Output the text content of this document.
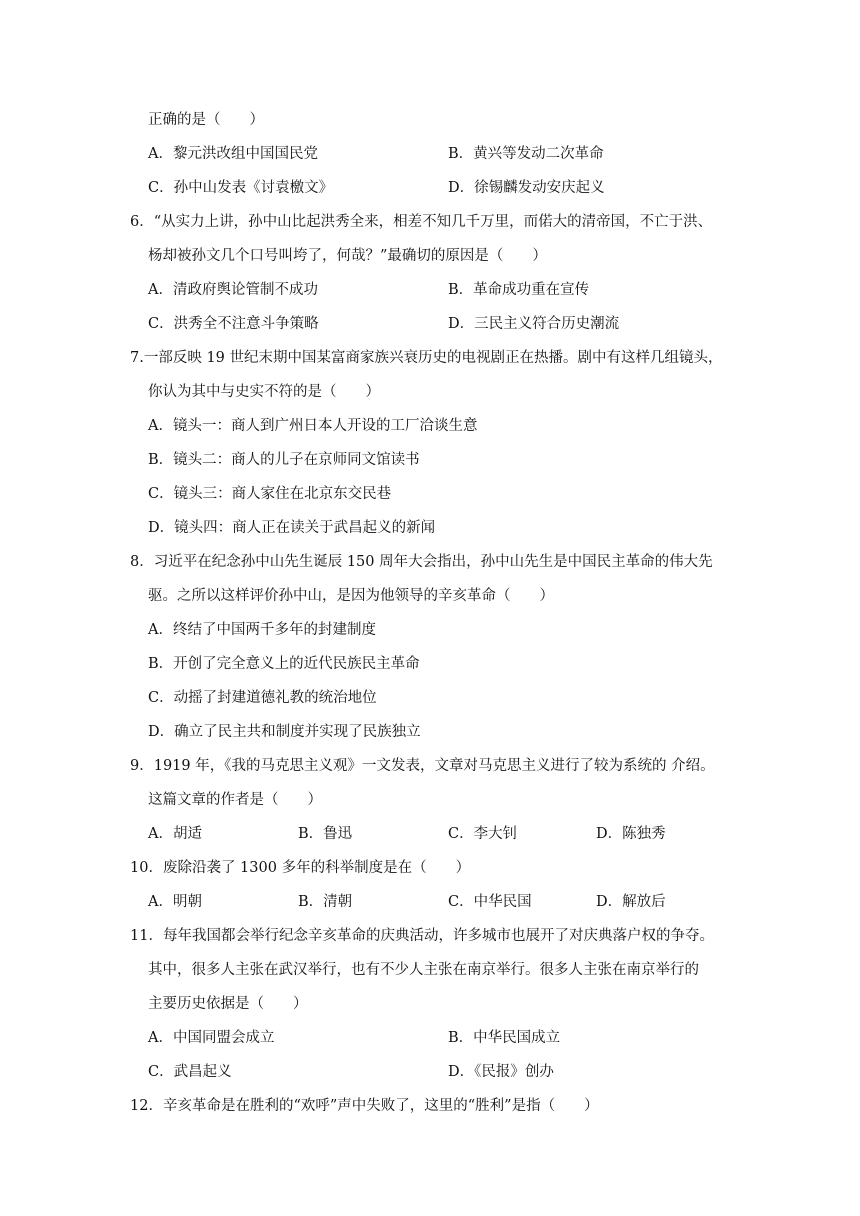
正确的是（　　）
A．黎元洪改组中国国民党	B．黄兴等发动二次革命
C．孙中山发表《讨袁檄文》	D．徐锡麟发动安庆起义
6．“从实力上讲，孙中山比起洪秀全来，相差不知几千万里，而偌大的清帝国，不亡于洪、
杨却被孙文几个口号叫垮了，何哉？”最确切的原因是（　　）
A．清政府舆论管制不成功	B．革命成功重在宣传
C．洪秀全不注意斗争策略	D．三民主义符合历史潮流
7.一部反映 19 世纪末期中国某富商家族兴衰历史的电视剧正在热播。剧中有这样几组镜头，
你认为其中与史实不符的是（　　）
A．镜头一：商人到广州日本人开设的工厂洽谈生意
B．镜头二：商人的儿子在京师同文馆读书
C．镜头三：商人家住在北京东交民巷
D．镜头四：商人正在读关于武昌起义的新闻
8．习近平在纪念孙中山先生诞辰 150 周年大会指出，孙中山先生是中国民主革命的伟大先
驱。之所以这样评价孙中山，是因为他领导的辛亥革命（　　）
A．终结了中国两千多年的封建制度
B．开创了完全意义上的近代民族民主革命
C．动摇了封建道德礼教的统治地位
D．确立了民主共和制度并实现了民族独立
9．1919 年，《我的马克思主义观》一文发表，文章对马克思主义进行了较为系统的 介绍。
这篇文章的作者是（　　）
A．胡适	B．鲁迅	C．李大钊	D．陈独秀
10．废除沿袭了 1300 多年的科举制度是在（　　）
A．明朝	B．清朝	C．中华民国	D．解放后
11．每年我国都会举行纪念辛亥革命的庆典活动，许多城市也展开了对庆典落户权的争夺。
其中，很多人主张在武汉举行，也有不少人主张在南京举行。很多人主张在南京举行的
主要历史依据是（　　）
A．中国同盟会成立	B．中华民国成立
C．武昌起义	D．《民报》创办
12．辛亥革命是在胜利的“欢呼”声中失败了，这里的“胜利”是指（　　）
